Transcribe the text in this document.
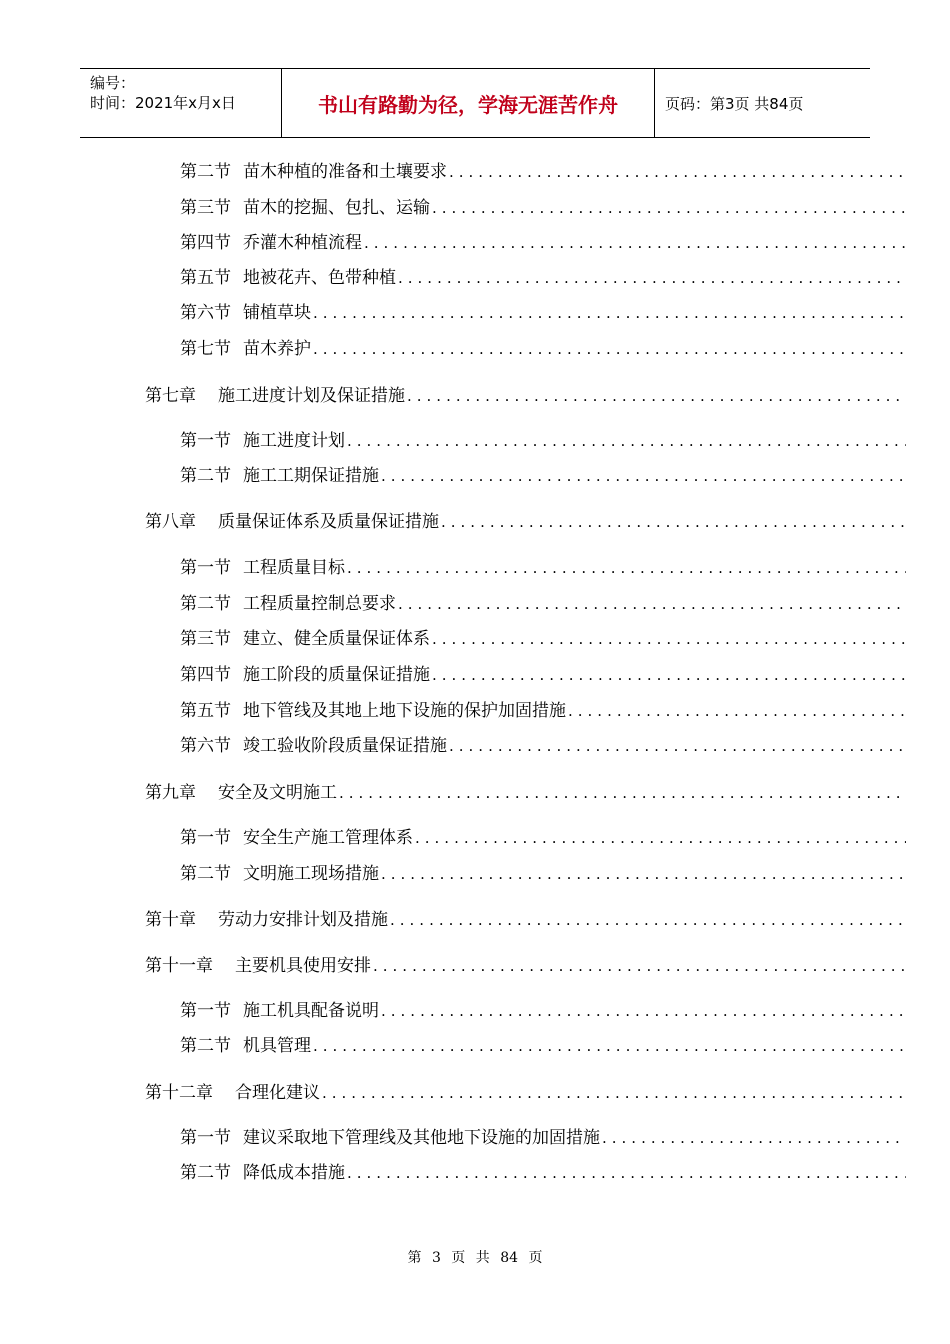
编号：
时间：2021年x月x日	书山有路勤为径，学海无涯苦作舟	页码：第3页 共84页
第二节 苗木种植的准备和土壤要求
.....
第三节 苗木的挖掘、包扎、运输
.....
第四节 乔灌木种植流程
.....
第五节 地被花卉、色带种植
.....
第六节 铺植草块
.....
第七节 苗木养护
.....
第七章 施工进度计划及保证措施
.....
第一节 施工进度计划
.....
第二节 施工工期保证措施
.....
第八章 质量保证体系及质量保证措施
.....
第一节 工程质量目标
.....
第二节 工程质量控制总要求
.....
第三节 建立、健全质量保证体系
.....
第四节 施工阶段的质量保证措施
.....
第五节 地下管线及其地上地下设施的保护加固措施
.....
第六节 竣工验收阶段质量保证措施
.....
第九章 安全及文明施工
.....
第一节 安全生产施工管理体系
.....
第二节 文明施工现场措施
.....
第十章 劳动力安排计划及措施
.....
第十一章 主要机具使用安排
.....
第一节 施工机具配备说明
.....
第二节 机具管理
.....
第十二章 合理化建议
.....
第一节 建议采取地下管理线及其他地下设施的加固措施
.....
第二节 降低成本措施
.....
第 3 页 共 84 页
